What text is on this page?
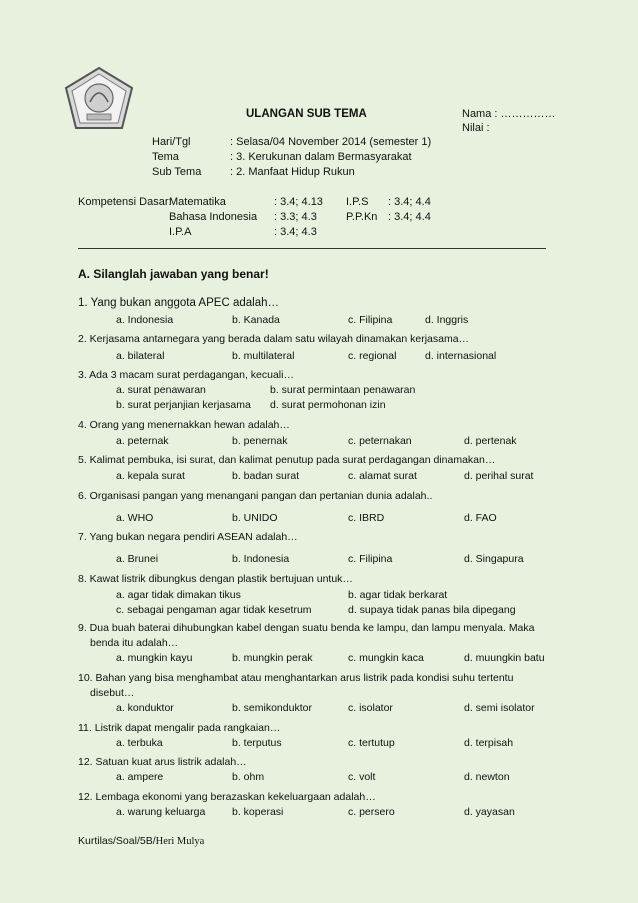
ULANGAN SUB TEMA	Nama : ……………
Nilai :
Hari/Tgl	: Selasa/04 November 2014 (semester 1)
Tema	: 3. Kerukunan dalam Bermasyarakat
Sub Tema	: 2. Manfaat Hidup Rukun
Kompetensi Dasar:
Matematika	: 3.4; 4.13 I.P.S : 3.4; 4.4
Bahasa Indonesia : 3.3; 4.3	P.P.Kn : 3.4; 4.4
I.P.A	: 3.4; 4.3
A. Silanglah jawaban yang benar!
1. Yang bukan anggota APEC adalah…
a. Indonesia	b. Kanada	c. Filipina	d. Inggris
2. Kerjasama antarnegara yang berada dalam satu wilayah dinamakan kerjasama…
a. bilateral	b. multilateral	c. regional	d. internasional
3. Ada 3 macam surat perdagangan, kecuali…
a. surat penawaran	b. surat permintaan penawaran
b. surat perjanjian kerjasama d. surat permohonan izin
4. Orang yang menernakkan hewan adalah…
a. peternak	b. penernak	c. peternakan	d. pertenak
5. Kalimat pembuka, isi surat, dan kalimat penutup pada surat perdagangan dinamakan…
a. kepala surat	b. badan surat	c. alamat surat	d. perihal surat
6. Organisasi pangan yang menangani pangan dan pertanian dunia adalah..
a. WHO	b. UNIDO	c. IBRD	d. FAO
7. Yang bukan negara pendiri ASEAN adalah…
a. Brunei	b. Indonesia	c. Filipina	d. Singapura
8. Kawat listrik dibungkus dengan plastik bertujuan untuk…
a. agar tidak dimakan tikus	b. agar tidak berkarat
c. sebagai pengaman agar tidak kesetrum	d. supaya tidak panas bila dipegang
9. Dua buah baterai dihubungkan kabel dengan suatu benda ke lampu, dan lampu menyala. Maka
benda itu adalah…
a. mungkin kayu	b. mungkin perak	c. mungkin kaca	d. muungkin batu
10. Bahan yang bisa menghambat atau menghantarkan arus listrik pada kondisi suhu tertentu
disebut…
a. konduktor	b. semikonduktor	c. isolator	d. semi isolator
11. Listrik dapat mengalir pada rangkaian…
a. terbuka	b. terputus	c. tertutup	d. terpisah
12. Satuan kuat arus listrik adalah…
a. ampere	b. ohm	c. volt	d. newton
12. Lembaga ekonomi yang berazaskan kekeluargaan adalah…
a. warung keluarga	b. koperasi	c. persero	d. yayasan
Kurtilas/Soal/5B/Heri Mulya
